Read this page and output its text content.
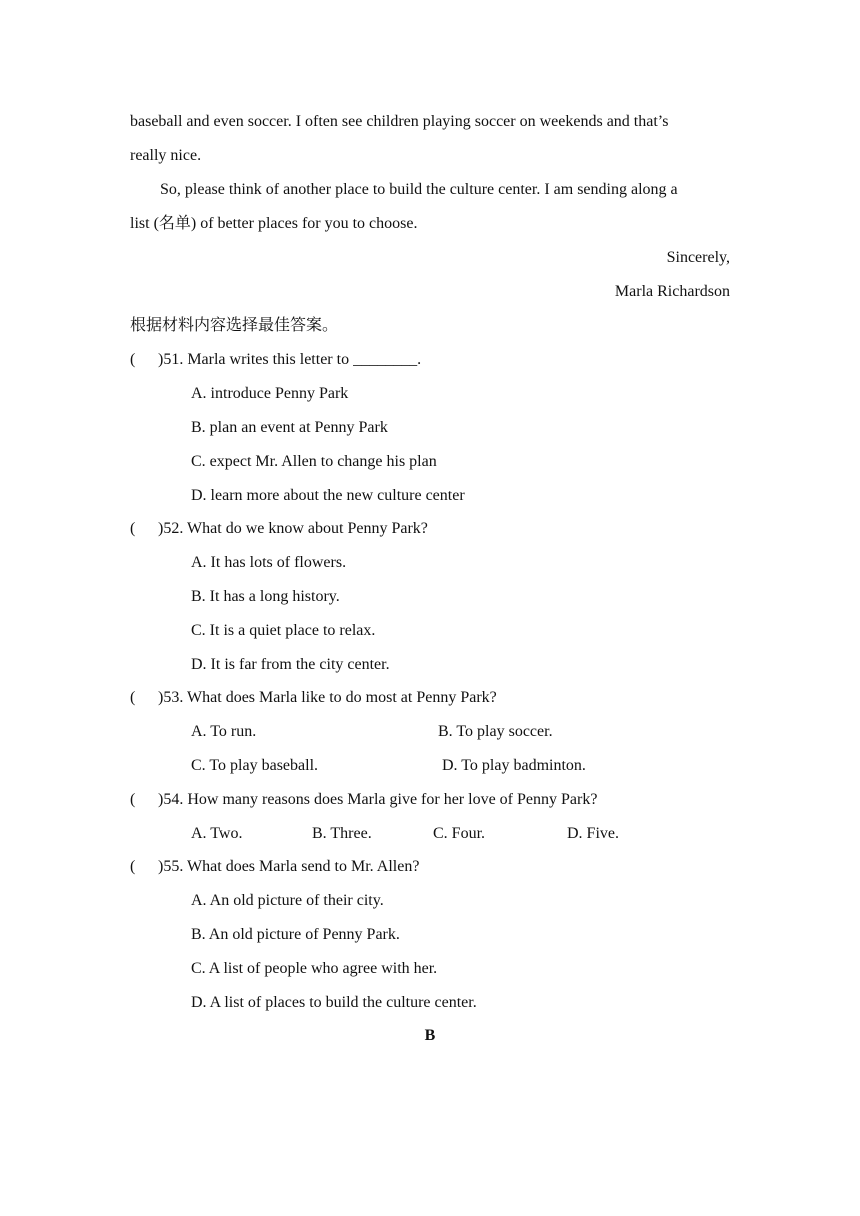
baseball and even soccer. I often see children playing soccer on weekends and that’s
really nice.
So, please think of another place to build the culture center. I am sending along a
list (名单) of better places for you to choose.
Sincerely,
Marla Richardson
根据材料内容选择最佳答案。
( )51. Marla writes this letter to ________.
A. introduce Penny Park
B. plan an event at Penny Park
C. expect Mr. Allen to change his plan
D. learn more about the new culture center
( )52. What do we know about Penny Park?
A. It has lots of flowers.
B. It has a long history.
C. It is a quiet place to relax.
D. It is far from the city center.
( )53. What does Marla like to do most at Penny Park?
A. To run.	B. To play soccer.
C. To play baseball.	D. To play badminton.
( )54. How many reasons does Marla give for her love of Penny Park?
A. Two.	B. Three.	C. Four.	D. Five.
( )55. What does Marla send to Mr. Allen?
A. An old picture of their city.
B. An old picture of Penny Park.
C. A list of people who agree with her.
D. A list of places to build the culture center.
B
